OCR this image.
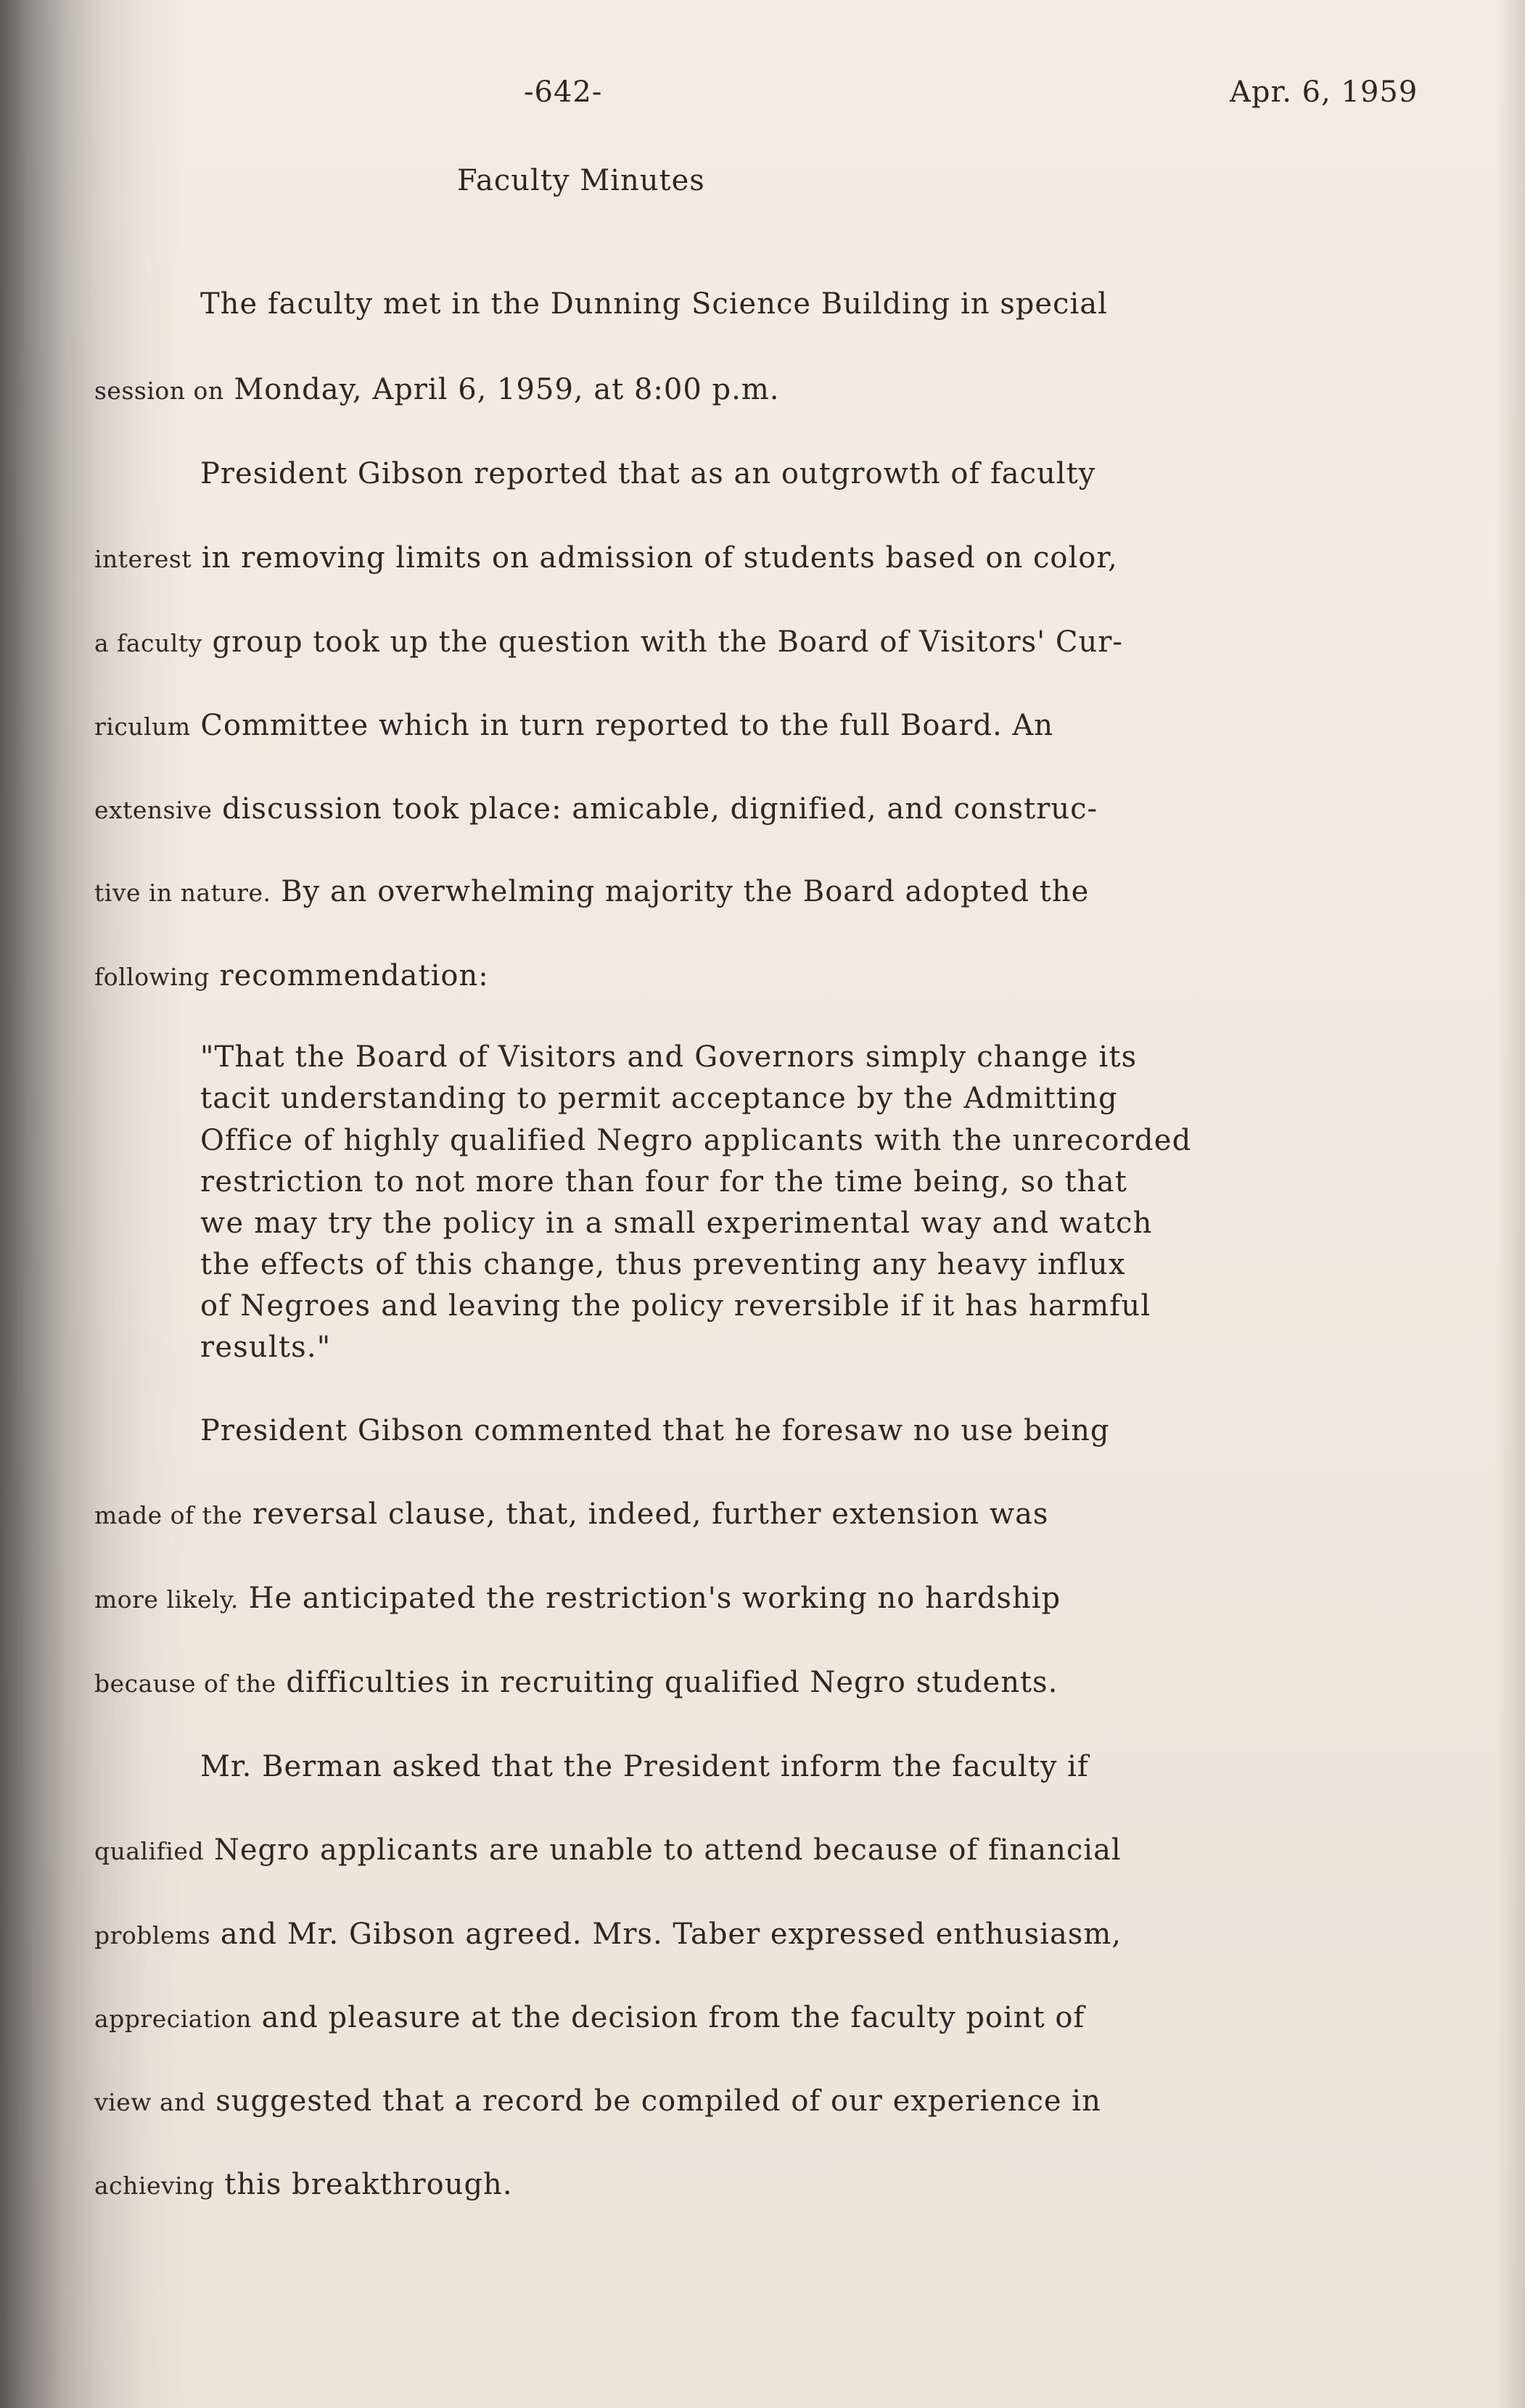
-642-	Apr. 6, 1959
Faculty Minutes
The faculty met in the Dunning Science Building in special
session on Monday, April 6, 1959, at 8:00 p.m.
President Gibson reported that as an outgrowth of faculty
interest in removing limits on admission of students based on color,
a faculty group took up the question with the Board of Visitors' Cur-
riculum Committee which in turn reported to the full Board. An
extensive discussion took place: amicable, dignified, and construc-
tive in nature. By an overwhelming majority the Board adopted the
following recommendation:
"That the Board of Visitors and Governors simply change its
tacit understanding to permit acceptance by the Admitting
Office of highly qualified Negro applicants with the unrecorded
restriction to not more than four for the time being, so that
we may try the policy in a small experimental way and watch
the effects of this change, thus preventing any heavy influx
of Negroes and leaving the policy reversible if it has harmful
results."
President Gibson commented that he foresaw no use being
made of the reversal clause, that, indeed, further extension was
more likely. He anticipated the restriction's working no hardship
because of the difficulties in recruiting qualified Negro students.
Mr. Berman asked that the President inform the faculty if
qualified Negro applicants are unable to attend because of financial
problems and Mr. Gibson agreed. Mrs. Taber expressed enthusiasm,
appreciation and pleasure at the decision from the faculty point of
view and suggested that a record be compiled of our experience in
achieving this breakthrough.
